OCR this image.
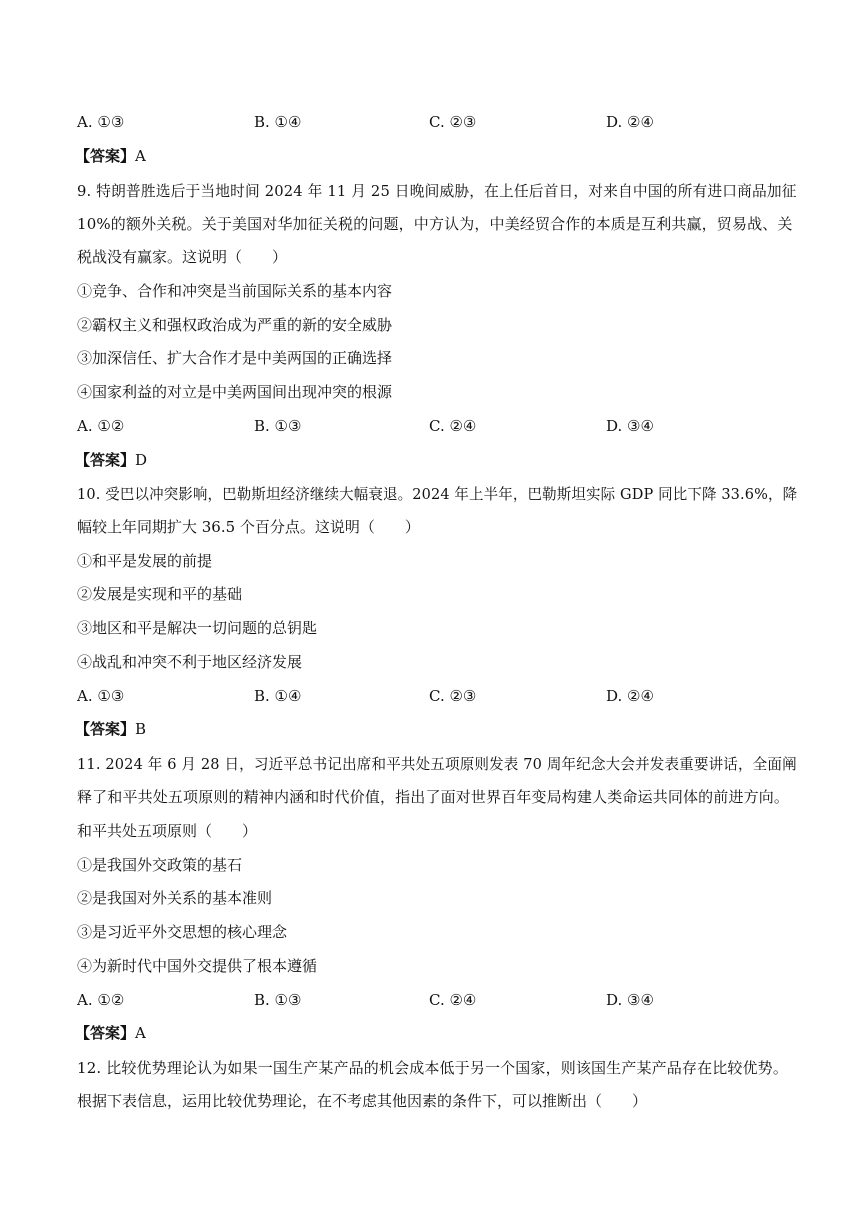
A. ①③	B. ①④	C. ②③	D. ②④
【答案】A
9. 特朗普胜选后于当地时间 2024 年 11 月 25 日晚间威胁，在上任后首日，对来自中国的所有进口商品加征
10%的额外关税。关于美国对华加征关税的问题，中方认为，中美经贸合作的本质是互利共赢，贸易战、关
税战没有赢家。这说明（　　）
①竞争、合作和冲突是当前国际关系的基本内容
②霸权主义和强权政治成为严重的新的安全威胁
③加深信任、扩大合作才是中美两国的正确选择
④国家利益的对立是中美两国间出现冲突的根源
A. ①②	B. ①③	C. ②④	D. ③④
【答案】D
10. 受巴以冲突影响，巴勒斯坦经济继续大幅衰退。2024 年上半年，巴勒斯坦实际 GDP 同比下降 33.6%，降
幅较上年同期扩大 36.5 个百分点。这说明（　　）
①和平是发展的前提
②发展是实现和平的基础
③地区和平是解决一切问题的总钥匙
④战乱和冲突不利于地区经济发展
A. ①③	B. ①④	C. ②③	D. ②④
【答案】B
11. 2024 年 6 月 28 日，习近平总书记出席和平共处五项原则发表 70 周年纪念大会并发表重要讲话，全面阐
释了和平共处五项原则的精神内涵和时代价值，指出了面对世界百年变局构建人类命运共同体的前进方向。
和平共处五项原则（　　）
①是我国外交政策的基石
②是我国对外关系的基本准则
③是习近平外交思想的核心理念
④为新时代中国外交提供了根本遵循
A. ①②	B. ①③	C. ②④	D. ③④
【答案】A
12. 比较优势理论认为如果一国生产某产品的机会成本低于另一个国家，则该国生产某产品存在比较优势。
根据下表信息，运用比较优势理论，在不考虑其他因素的条件下，可以推断出（　　）
